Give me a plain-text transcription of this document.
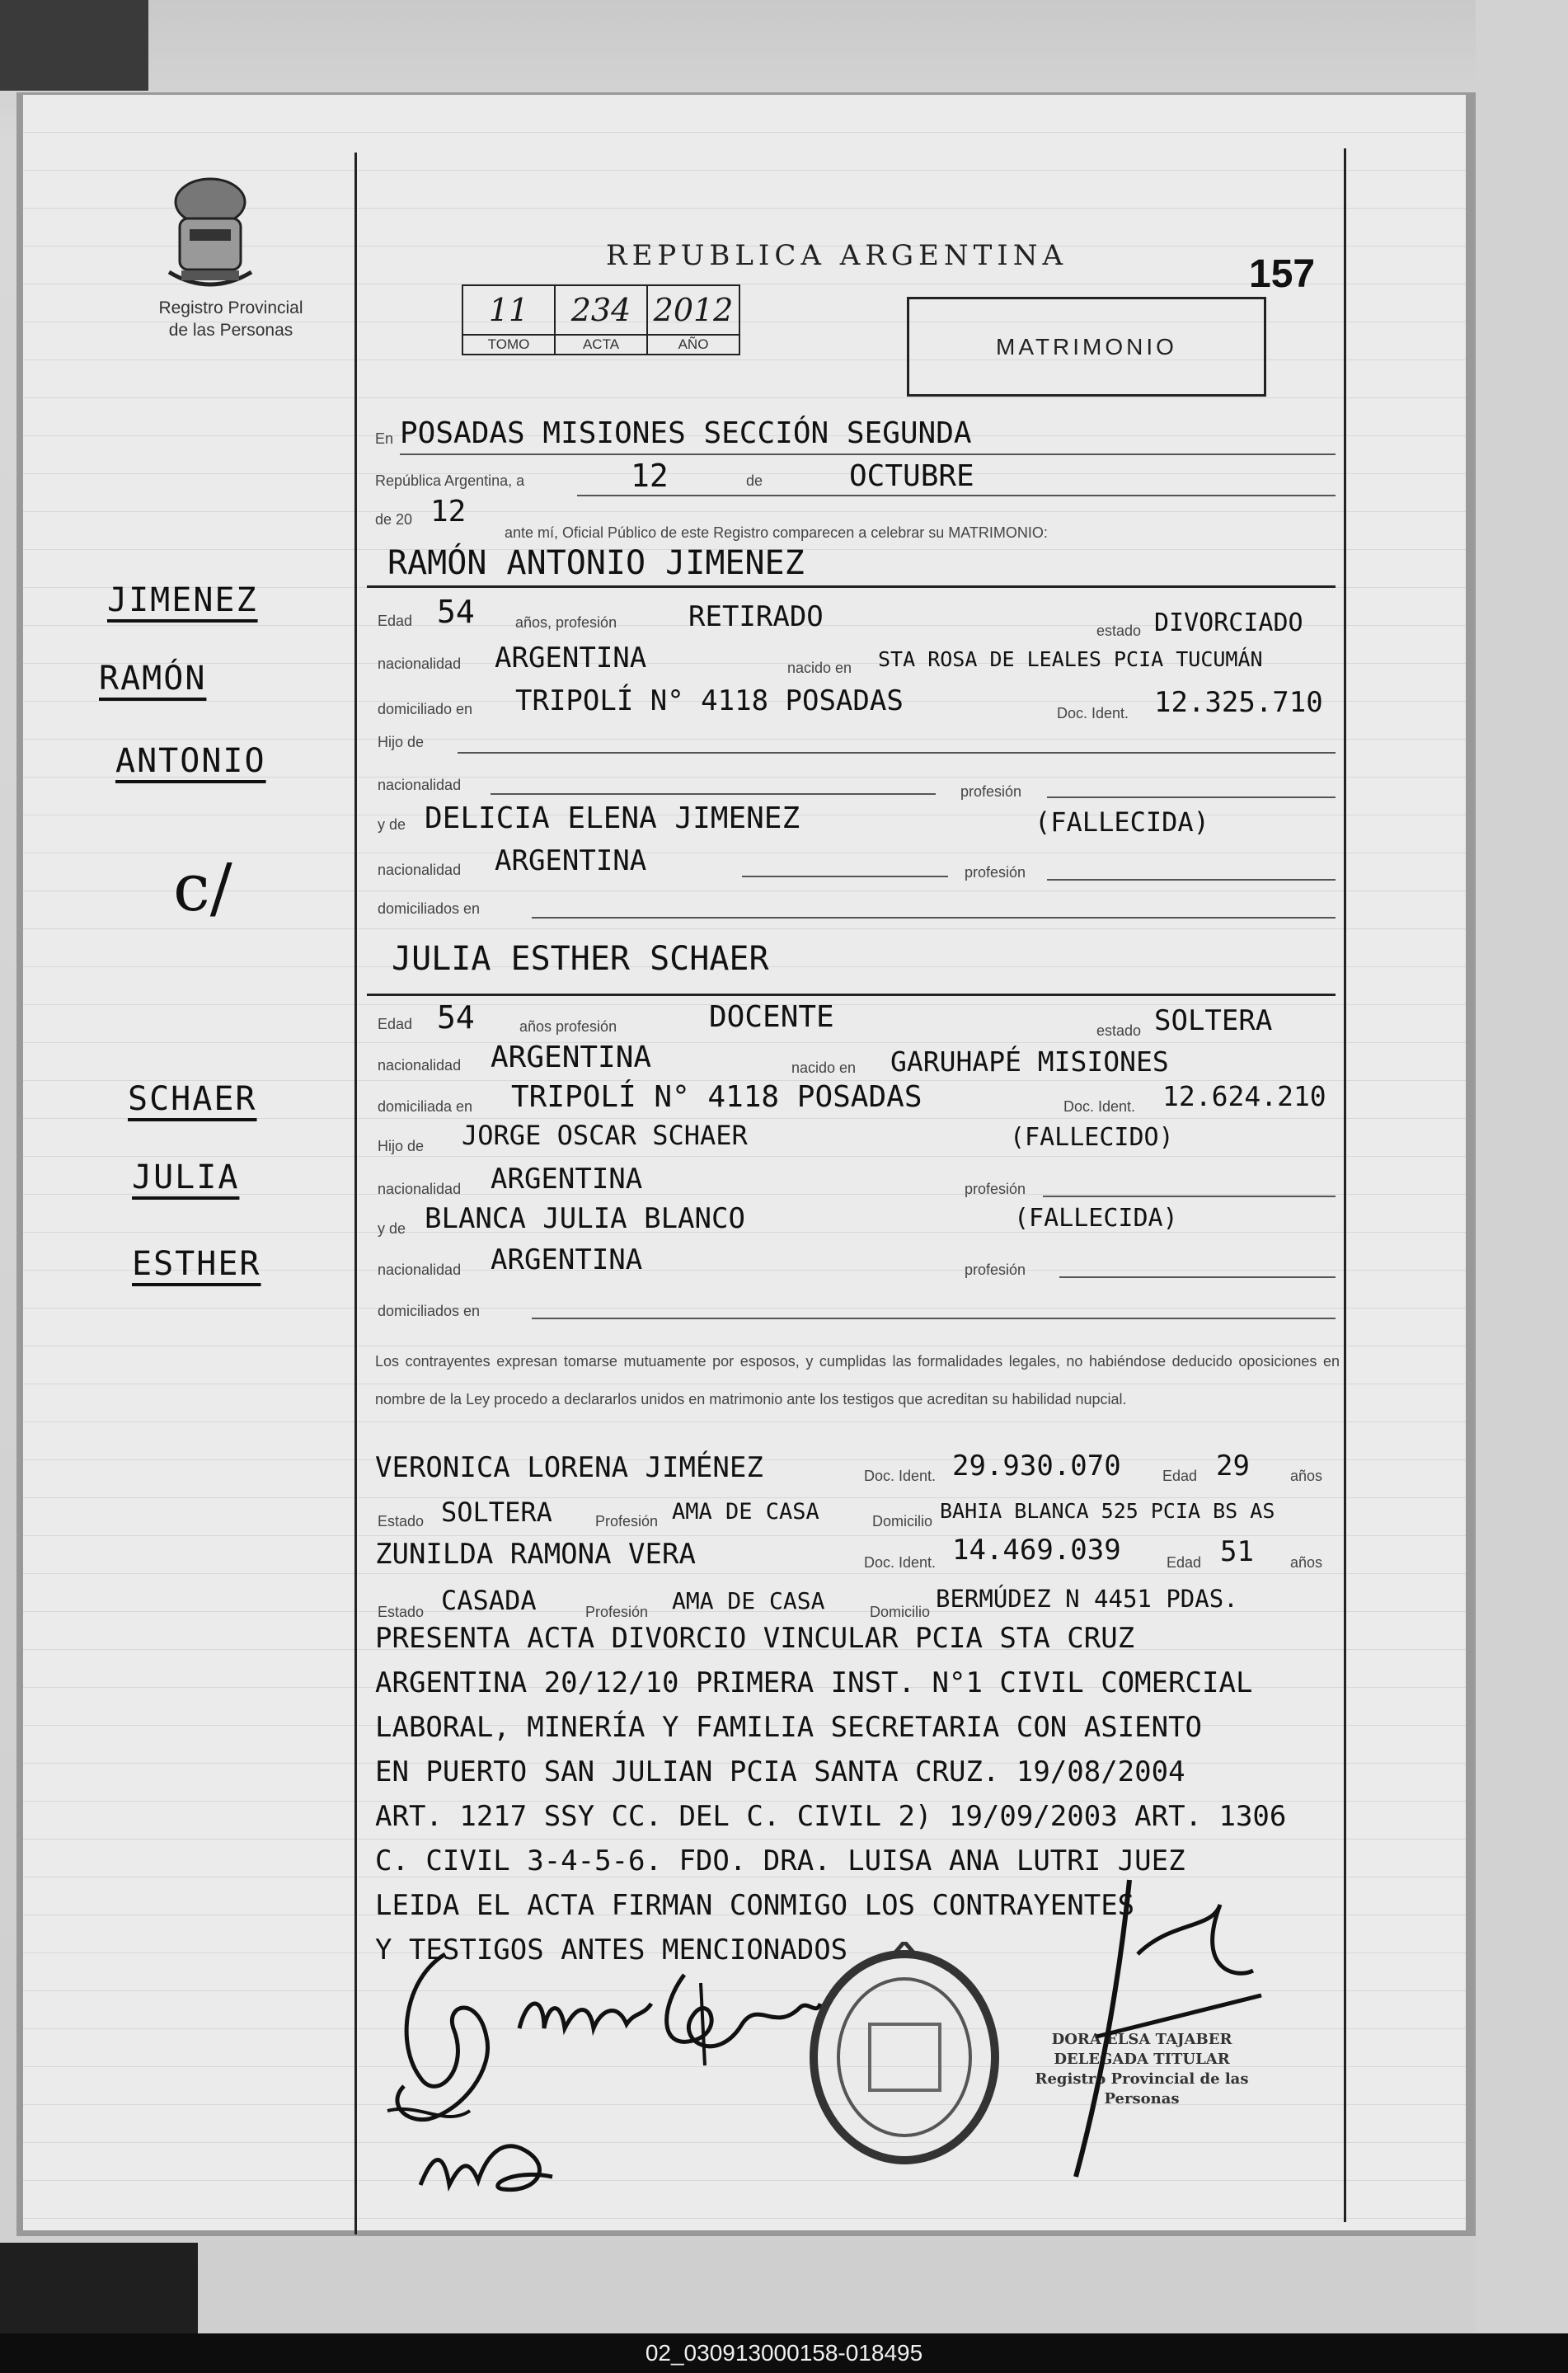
Registro Provincial
de las Personas
JIMENEZ
RAMÓN
ANTONIO
c/
SCHAER
JULIA
ESTHER
REPUBLICA ARGENTINA	157
11	234	2012
TOMO	ACTA	AÑO	MATRIMONIO
En POSADAS MISIONES SECCIÓN SEGUNDA
República Argentina, a	12	de	OCTUBRE
de 20 12
ante mí, Oficial Público de este Registro comparecen a celebrar su MATRIMONIO:
RAMÓN ANTONIO JIMENEZ
Edad 54	años, profesión	RETIRADO	estado DIVORCIADO
nacionalidad ARGENTINA	nacido en STA ROSA DE LEALES PCIA TUCUMÁN
domiciliado en TRIPOLÍ N° 4118 POSADAS	Doc. Ident. 12.325.710
Hijo de
nacionalidad	profesión
y de DELICIA ELENA JIMENEZ	(FALLECIDA)
nacionalidad ARGENTINA	profesión
domiciliados en
JULIA ESTHER SCHAER
Edad 54	años profesión	DOCENTE	estado SOLTERA
nacionalidad ARGENTINA	nacido en GARUHAPÉ MISIONES
domiciliada en TRIPOLÍ N° 4118 POSADAS	Doc. Ident. 12.624.210
Hijo de JORGE OSCAR SCHAER	(FALLECIDO)
nacionalidad ARGENTINA	profesión
y de BLANCA JULIA BLANCO	(FALLECIDA)
nacionalidad ARGENTINA	profesión
domiciliados en
Los contrayentes expresan tomarse mutuamente por esposos, y cumplidas las formalidades legales, no habiéndose deducido oposiciones en nombre de la Ley procedo a declararlos unidos en matrimonio ante los testigos que acreditan su habilidad nupcial.
VERONICA LORENA JIMÉNEZ	Doc. Ident. 29.930.070	Edad 29	años
Estado SOLTERA	Profesión AMA DE CASA	Domicilio BAHIA BLANCA 525 PCIA BS AS
ZUNILDA RAMONA VERA	Doc. Ident. 14.469.039	Edad 51 años
Estado CASADA	Profesión AMA DE CASA	Domicilio BERMÚDEZ N 4451 PDAS.
PRESENTA ACTA DIVORCIO VINCULAR PCIA STA CRUZ
ARGENTINA 20/12/10 PRIMERA INST. N°1 CIVIL COMERCIAL
LABORAL, MINERÍA Y FAMILIA SECRETARIA CON ASIENTO
EN PUERTO SAN JULIAN PCIA SANTA CRUZ. 19/08/2004
ART. 1217 SSY CC. DEL C. CIVIL 2) 19/09/2003 ART. 1306
C. CIVIL 3-4-5-6. FDO. DRA. LUISA ANA LUTRI JUEZ
LEIDA EL ACTA FIRMAN CONMIGO LOS CONTRAYENTES
Y TESTIGOS ANTES MENCIONADOS
DORA ELSA TAJABER
DELEGADA TITULAR
Registro Provincial de las Personas
02_030913000158-018495
